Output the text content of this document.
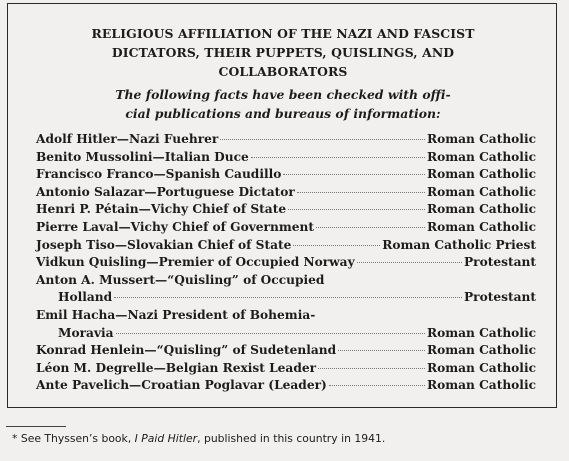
RELIGIOUS AFFILIATION OF THE NAZI AND FASCIST
DICTATORS, THEIR PUPPETS, QUISLINGS, AND
COLLABORATORS
The following facts have been checked with offi-
cial publications and bureaus of information:
Adolf Hitler—Nazi Fuehrer	Roman Catholic
Benito Mussolini—Italian Duce	Roman Catholic
Francisco Franco—Spanish Caudillo	Roman Catholic
Antonio Salazar—Portuguese Dictator	Roman Catholic
Henri P. Pétain—Vichy Chief of State	Roman Catholic
Pierre Laval—Vichy Chief of Government	Roman Catholic
Joseph Tiso—Slovakian Chief of State	Roman Catholic Priest
Vidkun Quisling—Premier of Occupied Norway	Protestant
Anton A. Mussert—“Quisling” of Occupied
Holland	Protestant
Emil Hacha—Nazi President of Bohemia-
Moravia	Roman Catholic
Konrad Henlein—“Quisling” of Sudetenland	Roman Catholic
Léon M. Degrelle—Belgian Rexist Leader	Roman Catholic
Ante Pavelich—Croatian Poglavar (Leader)	Roman Catholic
* See Thyssen’s book, I Paid Hitler, published in this country in 1941.
